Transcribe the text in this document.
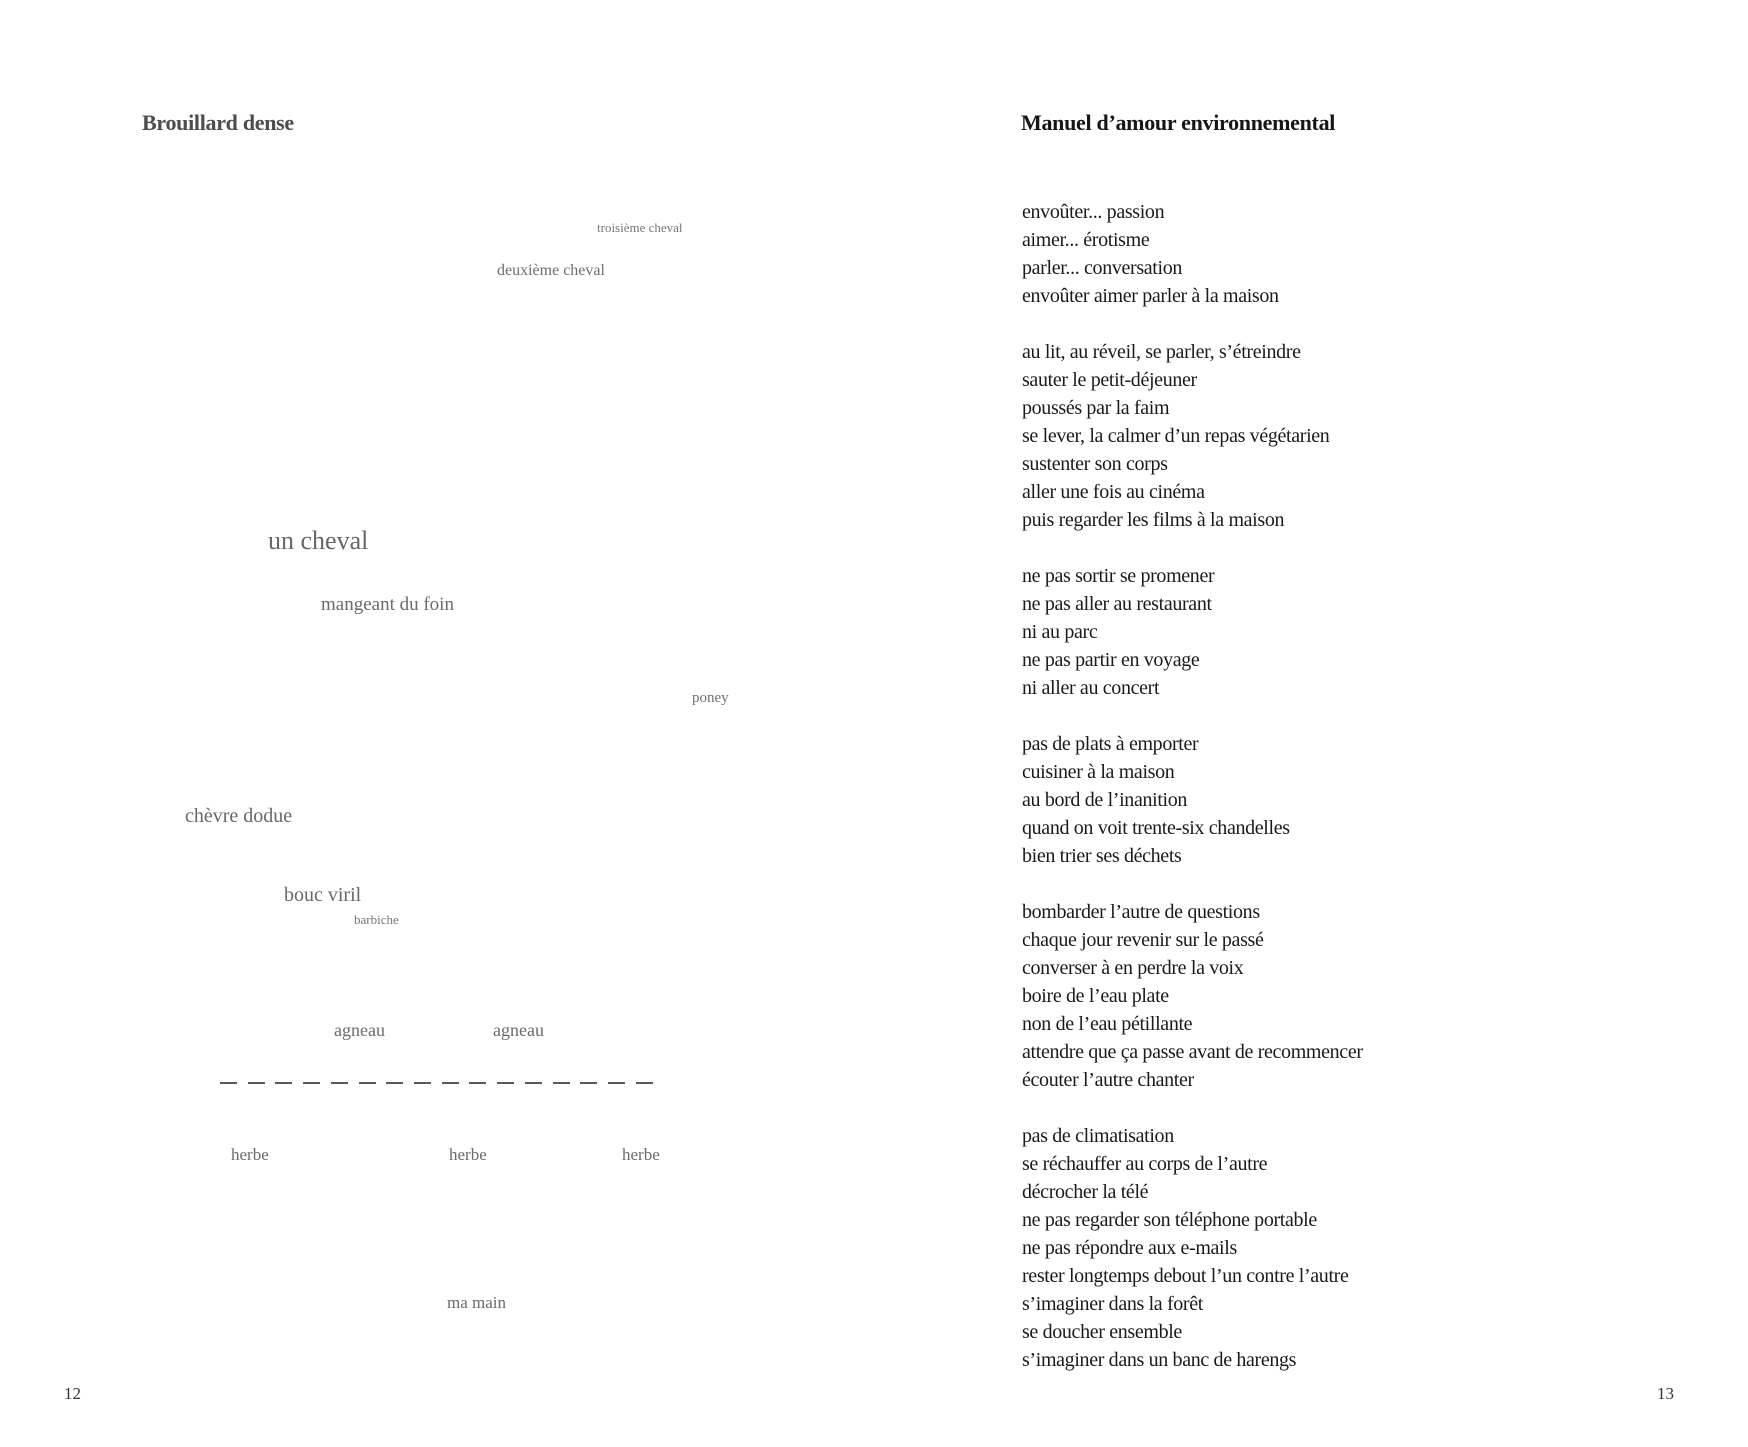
Brouillard dense
troisième cheval
deuxième cheval
un cheval
mangeant du foin
poney
chèvre dodue
bouc viril
barbiche
agneau	agneau
herbe	herbe	herbe
ma main
12
Manuel d’amour environnemental
envoûter... passion
aimer... érotisme
parler... conversation
envoûter aimer parler à la maison
au lit, au réveil, se parler, s’étreindre
sauter le petit-déjeuner
poussés par la faim
se lever, la calmer d’un repas végétarien
sustenter son corps
aller une fois au cinéma
puis regarder les films à la maison
ne pas sortir se promener
ne pas aller au restaurant
ni au parc
ne pas partir en voyage
ni aller au concert
pas de plats à emporter
cuisiner à la maison
au bord de l’inanition
quand on voit trente-six chandelles
bien trier ses déchets
bombarder l’autre de questions
chaque jour revenir sur le passé
converser à en perdre la voix
boire de l’eau plate
non de l’eau pétillante
attendre que ça passe avant de recommencer
écouter l’autre chanter
pas de climatisation
se réchauffer au corps de l’autre
décrocher la télé
ne pas regarder son téléphone portable
ne pas répondre aux e-mails
rester longtemps debout l’un contre l’autre
s’imaginer dans la forêt
se doucher ensemble
s’imaginer dans un banc de harengs
13
